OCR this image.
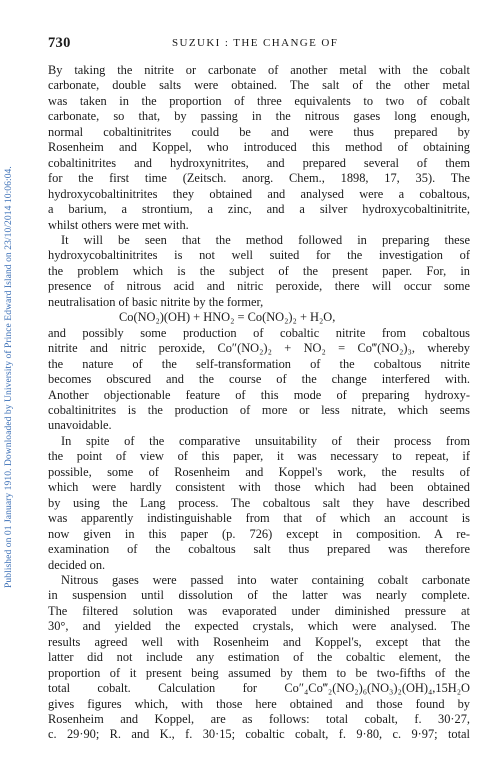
Published on 01 January 1910. Downloaded by University of Prince Edward Island on 23/10/2014 10:06:04.
730	SUZUKI : THE CHANGE OF
By taking the nitrite or carbonate of another metal with the cobalt
carbonate, double salts were obtained. The salt of the other metal
was taken in the proportion of three equivalents to two of cobalt
carbonate, so that, by passing in the nitrous gases long enough,
normal cobaltinitrites could be and were thus prepared by
Rosenheim and Koppel, who introduced this method of obtaining
cobaltinitrites and hydroxynitrites, and prepared several of them
for the first time (Zeitsch. anorg. Chem., 1898, 17, 35). The
hydroxycobaltinitrites they obtained and analysed were a cobaltous,
a barium, a strontium, a zinc, and a silver hydroxycobaltinitrite,
whilst others were met with.
It will be seen that the method followed in preparing these
hydroxycobaltinitrites is not well suited for the investigation of
the problem which is the subject of the present paper. For, in
presence of nitrous acid and nitric peroxide, there will occur some
neutralisation of basic nitrite by the former,
Co(NO₂)(OH) + HNO₂ = Co(NO₂)₂ + H₂O,
and possibly some production of cobaltic nitrite from cobaltous
nitrite and nitric peroxide, Co″(NO₂)₂ + NO₂ = Co‴(NO₂)₃, whereby
the nature of the self-transformation of the cobaltous nitrite
becomes obscured and the course of the change interfered with.
Another objectionable feature of this mode of preparing hydroxy-
cobaltinitrites is the production of more or less nitrate, which seems
unavoidable.
In spite of the comparative unsuitability of their process from
the point of view of this paper, it was necessary to repeat, if
possible, some of Rosenheim and Koppel's work, the results of
which were hardly consistent with those which had been obtained
by using the Lang process. The cobaltous salt they have described
was apparently indistinguishable from that of which an account is
now given in this paper (p. 726) except in composition. A re-
examination of the cobaltous salt thus prepared was therefore
decided on.
Nitrous gases were passed into water containing cobalt carbonate
in suspension until dissolution of the latter was nearly complete.
The filtered solution was evaporated under diminished pressure at
30°, and yielded the expected crystals, which were analysed. The
results agreed well with Rosenheim and Koppel's, except that the
latter did not include any estimation of the cobaltic element, the
proportion of it present being assumed by them to be two-fifths of the
total cobalt. Calculation for Co″₄Co‴₂(NO₂)₆(NO₃)₂(OH)₄,15H₂O
gives figures which, with those here obtained and those found by
Rosenheim and Koppel, are as follows: total cobalt, f. 30·27,
c. 29·90; R. and K., f. 30·15; cobaltic cobalt, f. 9·80, c. 9·97; total
